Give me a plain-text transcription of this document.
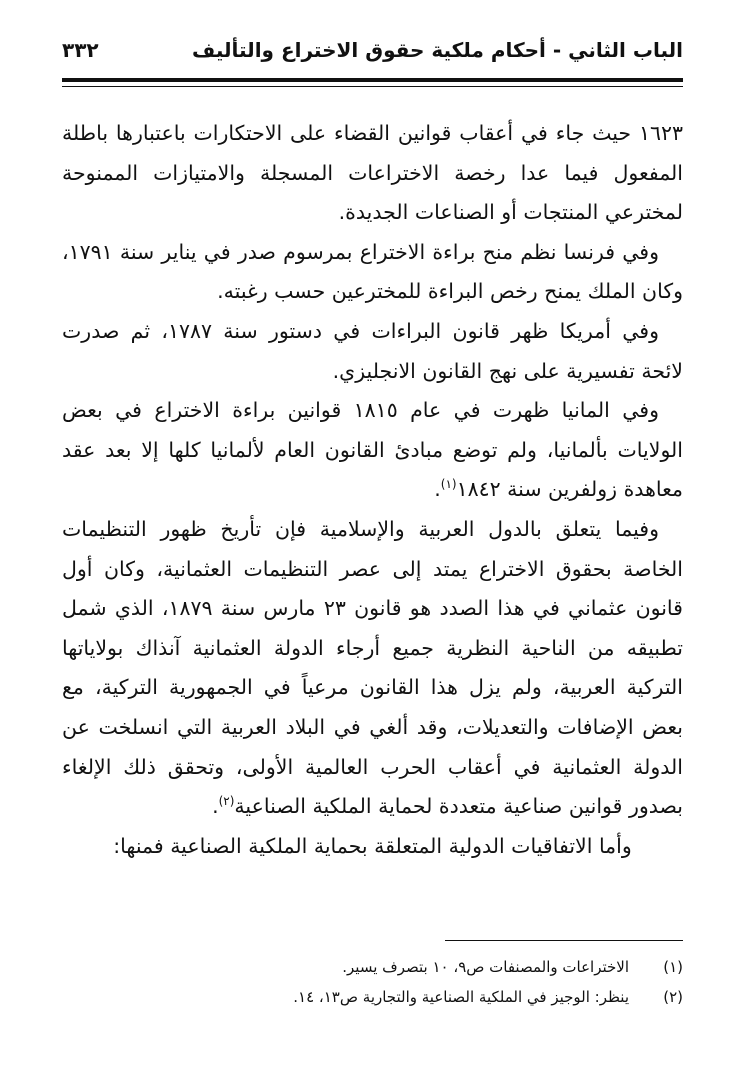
الباب الثاني - أحكام ملكية حقوق الاختراع والتأليف
٣٣٢

١٦٢٣ حيث جاء في أعقاب قوانين القضاء على الاحتكارات باعتبارها باطلة المفعول فيما عدا رخصة الاختراعات المسجلة والامتيازات الممنوحة لمخترعي المنتجات أو الصناعات الجديدة.

وفي فرنسا نظم منح براءة الاختراع بمرسوم صدر في يناير سنة ١٧٩١، وكان الملك يمنح رخص البراءة للمخترعين حسب رغبته.

وفي أمريكا ظهر قانون البراءات في دستور سنة ١٧٨٧، ثم صدرت لائحة تفسيرية على نهج القانون الانجليزي.

وفي المانيا ظهرت في عام ١٨١٥ قوانين براءة الاختراع في بعض الولايات بألمانيا، ولم توضع مبادئ القانون العام لألمانيا كلها إلا بعد عقد معاهدة زولفرين سنة ١٨٤٢$^{(١)}$.

وفيما يتعلق بالدول العربية والإسلامية فإن تأريخ ظهور التنظيمات الخاصة بحقوق الاختراع يمتد إلى عصر التنظيمات العثمانية، وكان أول قانون عثماني في هذا الصدد هو قانون ٢٣ مارس سنة ١٨٧٩، الذي شمل تطبيقه من الناحية النظرية جميع أرجاء الدولة العثمانية آنذاك بولاياتها التركية العربية، ولم يزل هذا القانون مرعياً في الجمهورية التركية، مع بعض الإضافات والتعديلات، وقد ألغي في البلاد العربية التي انسلخت عن الدولة العثمانية في أعقاب الحرب العالمية الأولى، وتحقق ذلك الإلغاء بصدور قوانين صناعية متعددة لحماية الملكية الصناعية$^{(٢)}$.

وأما الاتفاقيات الدولية المتعلقة بحماية الملكية الصناعية فمنها:

(١)
الاختراعات والمصنفات ص٩، ١٠ بتصرف يسير.
(٢)
ينظر: الوجيز في الملكية الصناعية والتجارية ص١٣، ١٤.
